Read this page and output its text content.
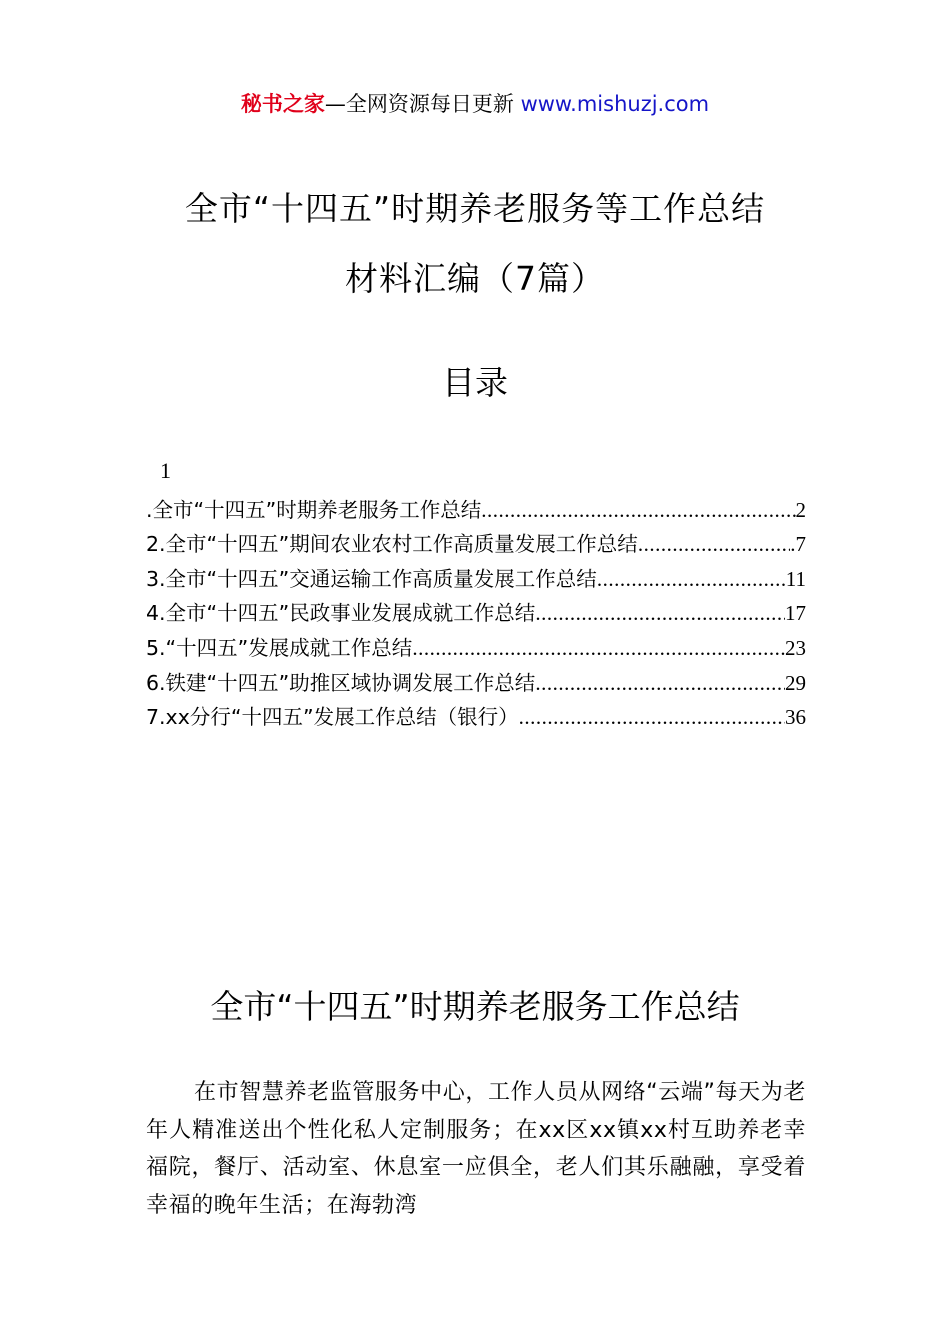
秘书之家—全网资源每日更新 www.mishuzj.com
全市“十四五”时期养老服务等工作总结
材料汇编（7篇）
目录
1
.全市“十四五”时期养老服务工作总结 .....	2
2.全市“十四五”期间农业农村工作高质量发展工作总结 .....	.7
3.全市“十四五”交通运输工作高质量发展工作总结 .....	11
4.全市“十四五”民政事业发展成就工作总结 .....	17
5.“十四五”发展成就工作总结 .....	23
6.铁建“十四五”助推区域协调发展工作总结 .....	29
7.xx分行“十四五”发展工作总结（银行） .....	36
全市“十四五”时期养老服务工作总结
在市智慧养老监管服务中心，工作人员从网络“云端”每天为老年人精准送出个性化私人定制服务；在xx区xx镇xx村互助养老幸福院，餐厅、活动室、休息室一应俱全，老人们其乐融融，享受着幸福的晚年生活；在海勃湾
